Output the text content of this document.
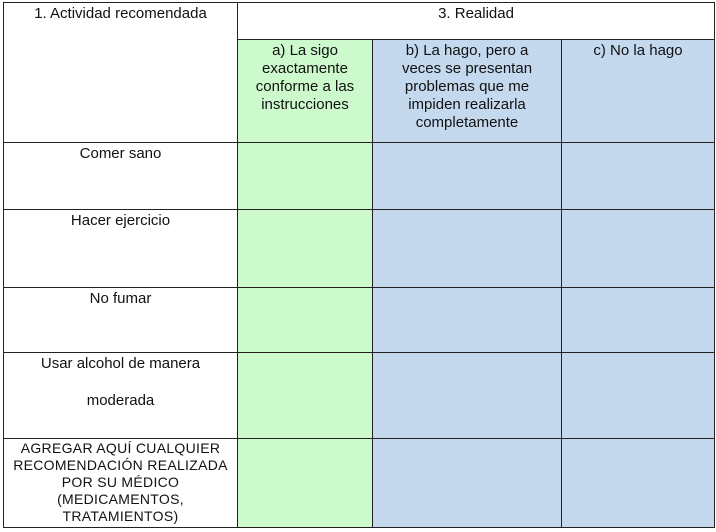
1. Actividad recomendada	3. Realidad		

	a) La sigo exactamente conforme a las instrucciones	b) La hago, pero a veces se presentan problemas que me impiden realizarla completamente	c) No la hago

Comer sano			

Hacer ejercicio			

No fumar			

Usar alcohol de manera
moderada			

AGREGAR AQUÍ CUALQUIER RECOMENDACIÓN REALIZADA POR SU MÉDICO (MEDICAMENTOS, TRATAMIENTOS)			
